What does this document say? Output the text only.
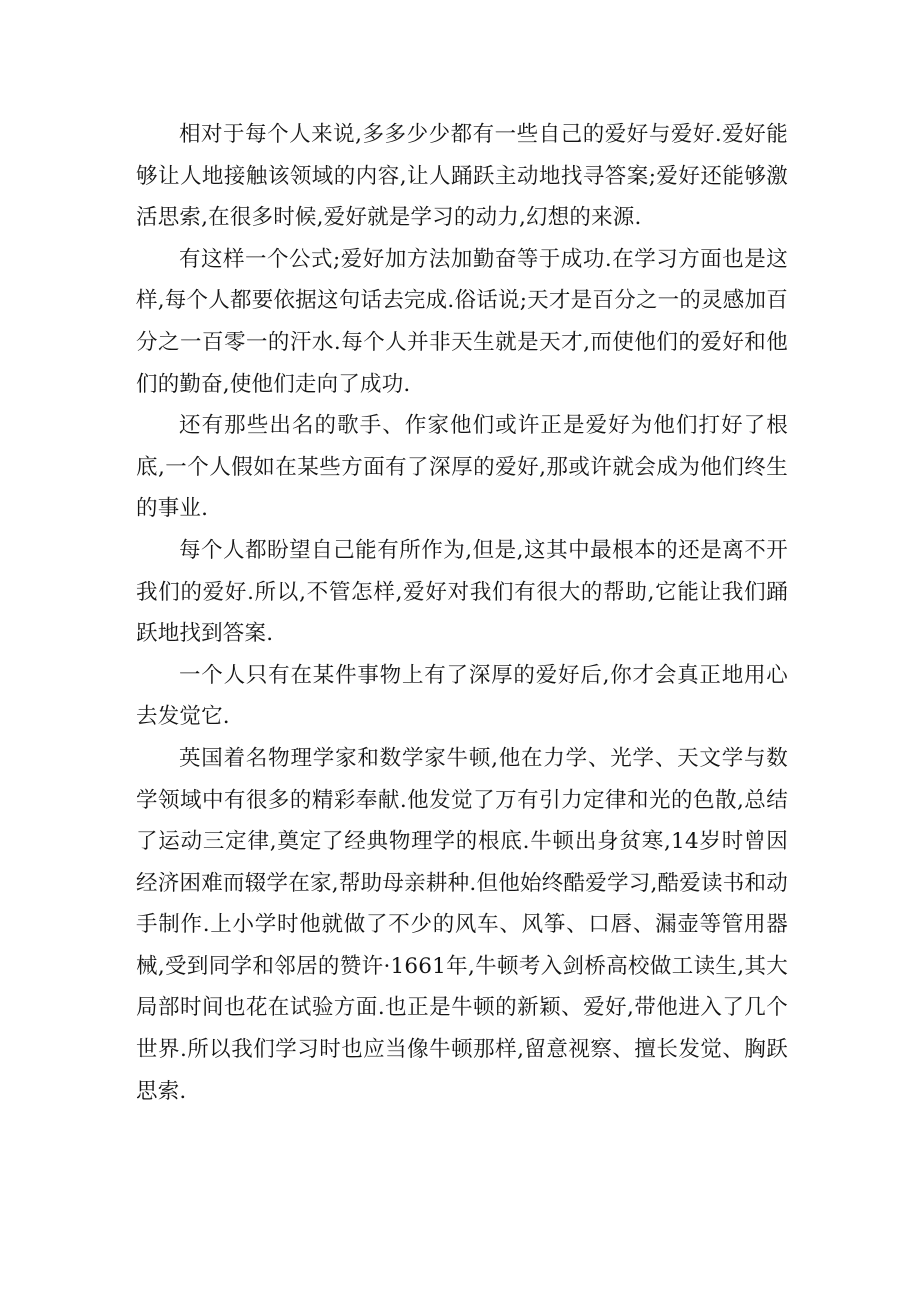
相对于每个人来说,多多少少都有一些自己的爱好与爱好.爱好能够让人地接触该领域的内容,让人踊跃主动地找寻答案;爱好还能够激活思索,在很多时候,爱好就是学习的动力,幻想的来源.

有这样一个公式;爱好加方法加勤奋等于成功.在学习方面也是这样,每个人都要依据这句话去完成.俗话说;天才是百分之一的灵感加百分之一百零一的汗水.每个人并非天生就是天才,而使他们的爱好和他们的勤奋,使他们走向了成功.

还有那些出名的歌手、作家他们或许正是爱好为他们打好了根底,一个人假如在某些方面有了深厚的爱好,那或许就会成为他们终生的事业.

每个人都盼望自己能有所作为,但是,这其中最根本的还是离不开我们的爱好.所以,不管怎样,爱好对我们有很大的帮助,它能让我们踊跃地找到答案.

一个人只有在某件事物上有了深厚的爱好后,你才会真正地用心去发觉它.

英国着名物理学家和数学家牛顿,他在力学、光学、天文学与数学领域中有很多的精彩奉献.他发觉了万有引力定律和光的色散,总结了运动三定律,奠定了经典物理学的根底.牛顿出身贫寒,14岁时曾因经济困难而辍学在家,帮助母亲耕种.但他始终酷爱学习,酷爱读书和动手制作.上小学时他就做了不少的风车、风筝、口唇、漏壶等管用器械,受到同学和邻居的赞许·1661年,牛顿考入剑桥高校做工读生,其大局部时间也花在试验方面.也正是牛顿的新颖、爱好,带他进入了几个世界.所以我们学习时也应当像牛顿那样,留意视察、擅长发觉、胸跃思索.
